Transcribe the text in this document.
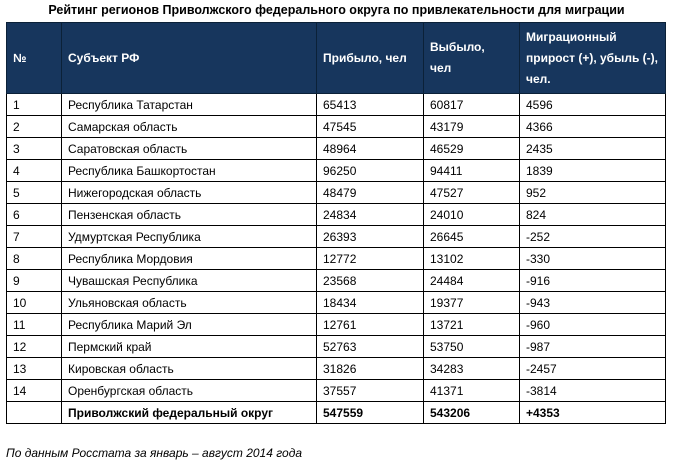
Рейтинг регионов Приволжского федерального округа по привлекательности для миграции
№	Субъект РФ	Прибыло, чел	Выбыло, чел	Миграционный прирост (+), убыль (-), чел.
1	Республика Татарстан	65413	60817	4596
2	Самарская область	47545	43179	4366
3	Саратовская область	48964	46529	2435
4	Республика Башкортостан	96250	94411	1839
5	Нижегородская область	48479	47527	952
6	Пензенская область	24834	24010	824
7	Удмуртская Республика	26393	26645	-252
8	Республика Мордовия	12772	13102	-330
9	Чувашская Республика	23568	24484	-916
10	Ульяновская область	18434	19377	-943
11	Республика Марий Эл	12761	13721	-960
12	Пермский край	52763	53750	-987
13	Кировская область	31826	34283	-2457
14	Оренбургская область	37557	41371	-3814
	Приволжский федеральный округ	547559	543206	+4353
По данным Росстата за январь – август 2014 года
